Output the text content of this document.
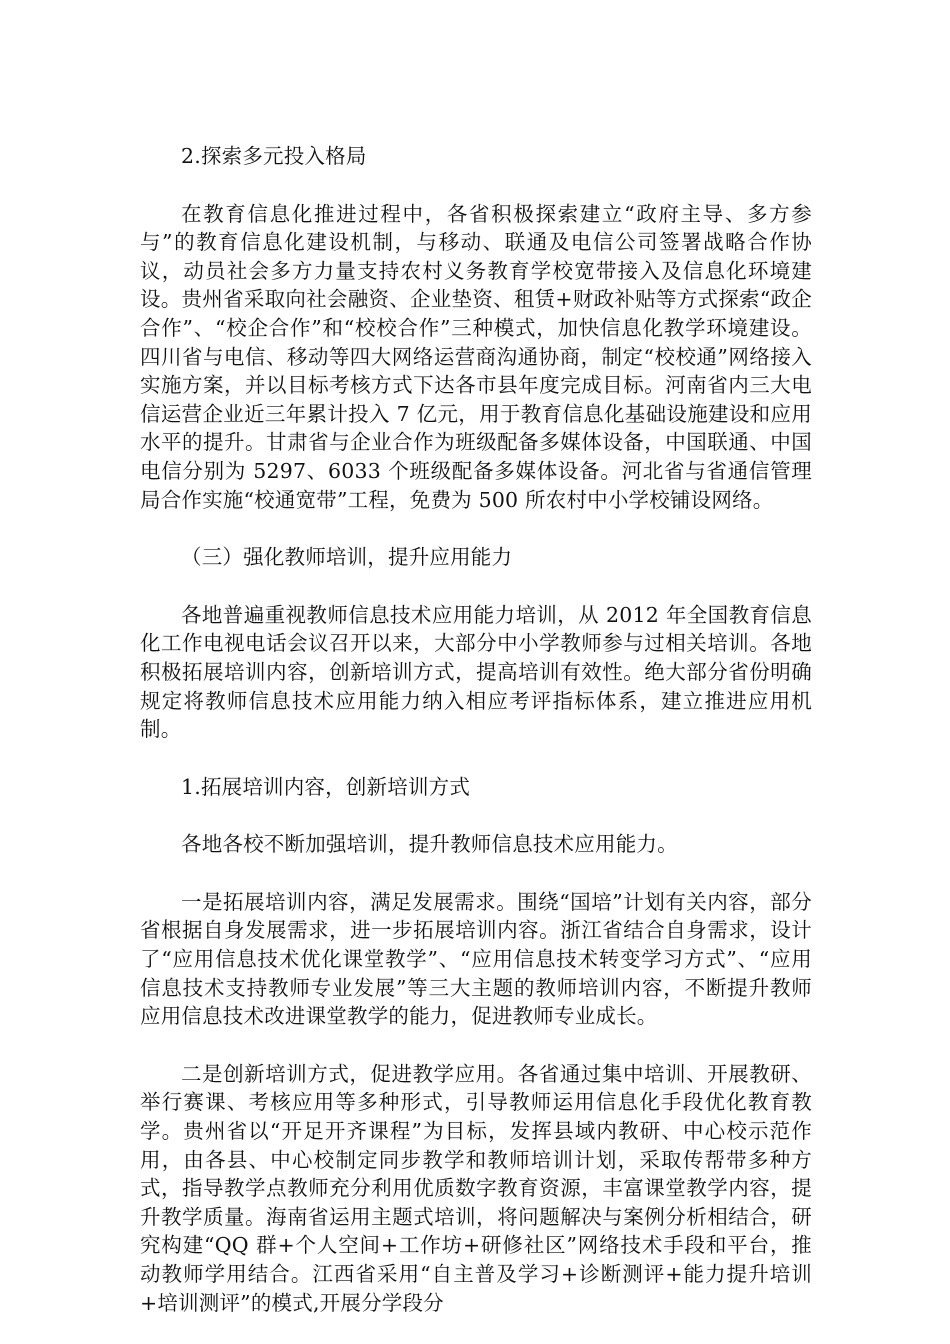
2.探索多元投入格局

在教育信息化推进过程中，各省积极探索建立“政府主导、多方参与”的教育信息化建设机制，与移动、联通及电信公司签署战略合作协议，动员社会多方力量支持农村义务教育学校宽带接入及信息化环境建设。贵州省采取向社会融资、企业垫资、租赁+财政补贴等方式探索“政企合作”、“校企合作”和“校校合作”三种模式，加快信息化教学环境建设。四川省与电信、移动等四大网络运营商沟通协商，制定“校校通”网络接入实施方案，并以目标考核方式下达各市县年度完成目标。河南省内三大电信运营企业近三年累计投入 7 亿元，用于教育信息化基础设施建设和应用水平的提升。甘肃省与企业合作为班级配备多媒体设备，中国联通、中国电信分别为 5297、6033 个班级配备多媒体设备。河北省与省通信管理局合作实施“校通宽带”工程，免费为 500 所农村中小学校铺设网络。

（三）强化教师培训，提升应用能力

各地普遍重视教师信息技术应用能力培训，从 2012 年全国教育信息化工作电视电话会议召开以来，大部分中小学教师参与过相关培训。各地积极拓展培训内容，创新培训方式，提高培训有效性。绝大部分省份明确规定将教师信息技术应用能力纳入相应考评指标体系，建立推进应用机制。

1.拓展培训内容，创新培训方式

各地各校不断加强培训，提升教师信息技术应用能力。

一是拓展培训内容，满足发展需求。围绕“国培”计划有关内容，部分省根据自身发展需求，进一步拓展培训内容。浙江省结合自身需求，设计了“应用信息技术优化课堂教学”、“应用信息技术转变学习方式”、“应用信息技术支持教师专业发展”等三大主题的教师培训内容，不断提升教师应用信息技术改进课堂教学的能力，促进教师专业成长。

二是创新培训方式，促进教学应用。各省通过集中培训、开展教研、举行赛课、考核应用等多种形式，引导教师运用信息化手段优化教育教学。贵州省以“开足开齐课程”为目标，发挥县域内教研、中心校示范作用，由各县、中心校制定同步教学和教师培训计划，采取传帮带多种方式，指导教学点教师充分利用优质数字教育资源，丰富课堂教学内容，提升教学质量。海南省运用主题式培训，将问题解决与案例分析相结合，研究构建“QQ 群+个人空间+工作坊+研修社区”网络技术手段和平台，推动教师学用结合。江西省采用“自主普及学习+诊断测评+能力提升培训+培训测评”的模式,开展分学段分
